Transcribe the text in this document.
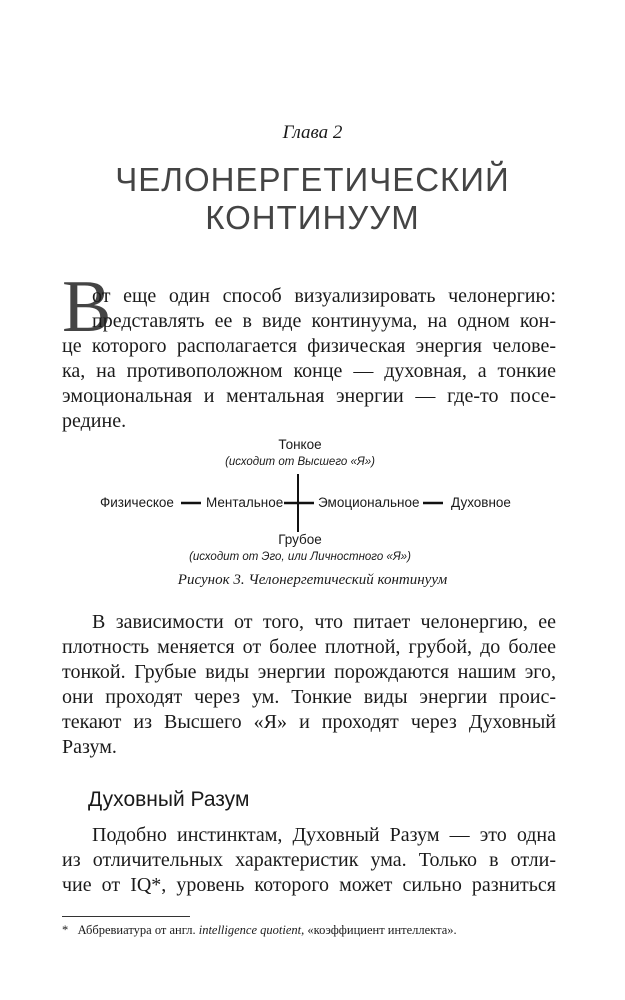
Глава 2
ЧЕЛОНЕРГЕТИЧЕСКИЙ
КОНТИНУУМ
В
от еще один способ визуализировать челонергию:
представлять ее в виде континуума, на одном кон-
це которого располагается физическая энергия челове-
ка, на противоположном конце — духовная, а тонкие
эмоциональная и ментальная энергии — где-то посе-
редине.
Тонкое
(исходит от Высшего «Я»)
Физическое Ментальное	Эмоциональное Духовное
Грубое
(исходит от Эго, или Личностного «Я»)
Рисунок 3. Челонергетический континуум
В зависимости от того, что питает челонергию, ее
плотность меняется от более плотной, грубой, до более
тонкой. Грубые виды энергии порождаются нашим эго,
они проходят через ум. Тонкие виды энергии проис-
текают из Высшего «Я» и проходят через Духовный
Разум.
Духовный Разум
Подобно инстинктам, Духовный Разум — это одна
из отличительных характеристик ума. Только в отли-
чие от IQ*, уровень которого может сильно разниться
* Аббревиатура от англ. intelligence quotient, «коэффициент интеллекта».
